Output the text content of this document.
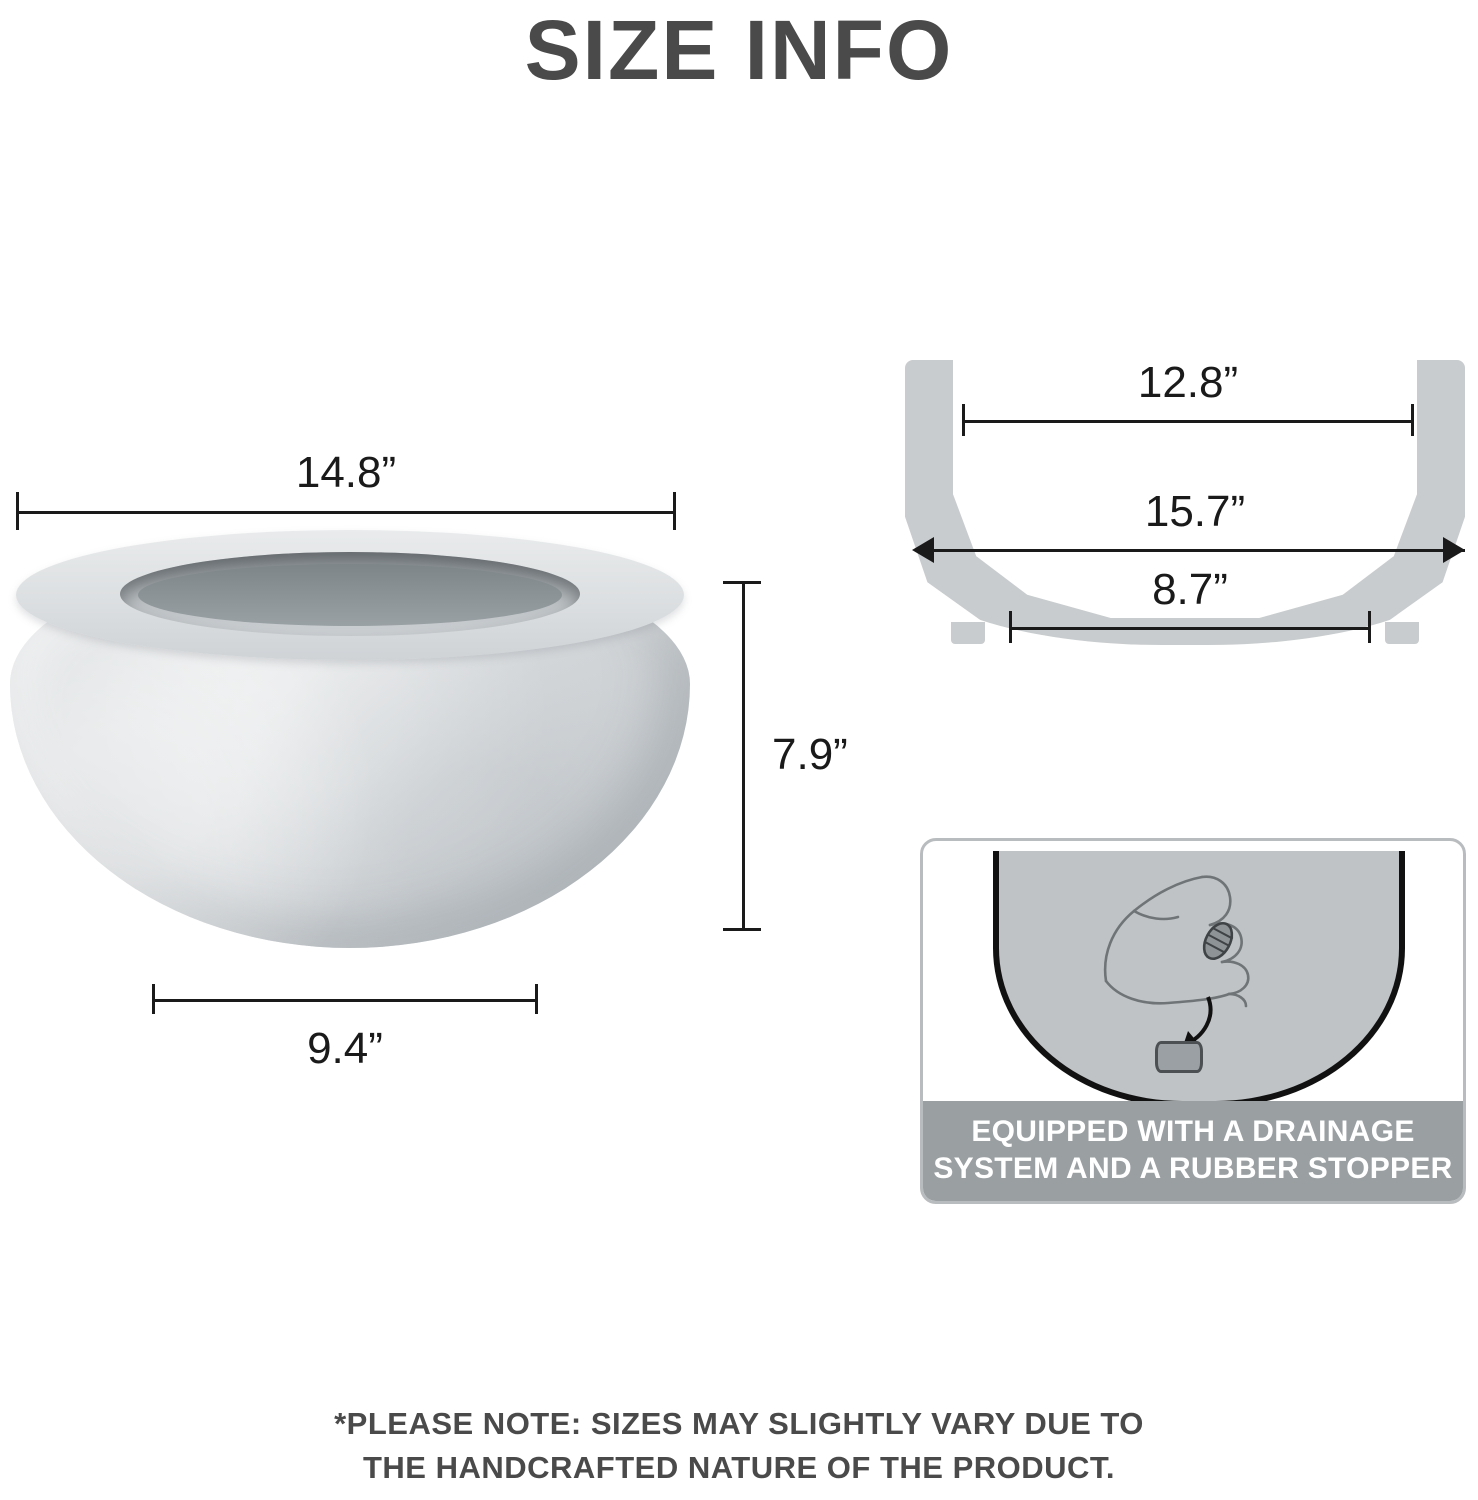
SIZE INFO
14.8”
7.9”
9.4”
12.8”
15.7”
8.7”
EQUIPPED WITH A DRAINAGE
SYSTEM AND A RUBBER STOPPER
*PLEASE NOTE: SIZES MAY SLIGHTLY VARY DUE TO
THE HANDCRAFTED NATURE OF THE PRODUCT.
